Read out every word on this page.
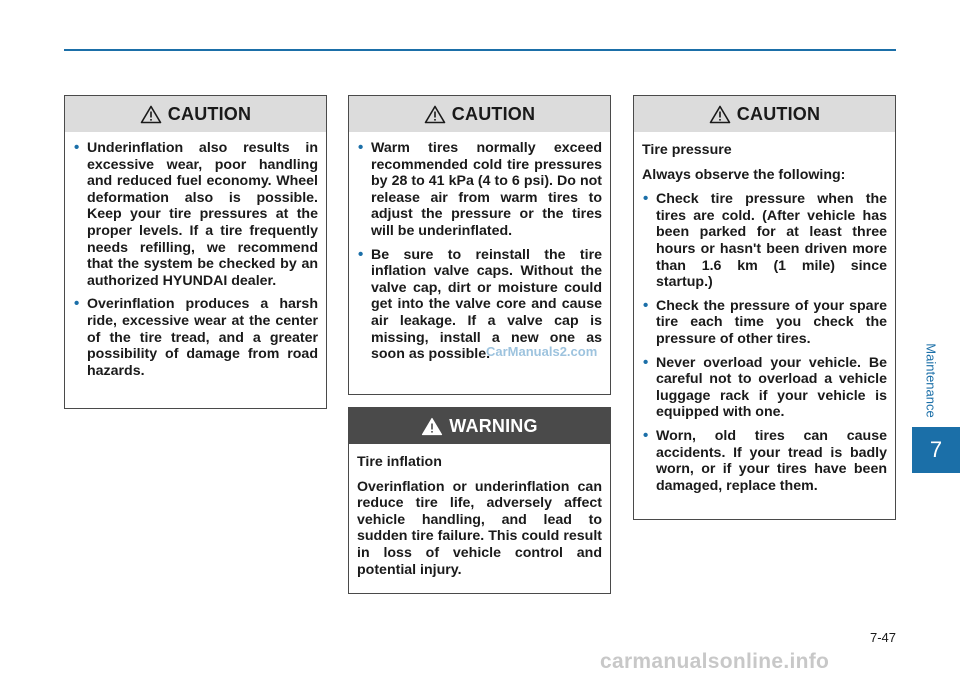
CAUTION
• Underinflation also results in excessive wear, poor handling and reduced fuel economy. Wheel deformation also is possible. Keep your tire pressures at the proper levels. If a tire frequently needs refilling, we recommend that the system be checked by an authorized HYUNDAI dealer.
• Overinflation produces a harsh ride, excessive wear at the center of the tire tread, and a greater possibility of damage from road hazards.
CAUTION
• Warm tires normally exceed recommended cold tire pressures by 28 to 41 kPa (4 to 6 psi). Do not release air from warm tires to adjust the pressure or the tires will be underinflated.
• Be sure to reinstall the tire inflation valve caps. Without the valve cap, dirt or moisture could get into the valve core and cause air leakage. If a valve cap is missing, install a new one as soon as possible.
WARNING

Tire inflation

Overinflation or underinflation can reduce tire life, adversely affect vehicle handling, and lead to sudden tire failure. This could result in loss of vehicle control and potential injury.

CAUTION

Tire pressure

Always observe the following:

• Check tire pressure when the tires are cold. (After vehicle has been parked for at least three hours or hasn't been driven more than 1.6 km (1 mile) since startup.)
• Check the pressure of your spare tire each time you check the pressure of other tires.
• Never overload your vehicle. Be careful not to overload a vehicle luggage rack if your vehicle is equipped with one.
• Worn, old tires can cause accidents. If your tread is badly worn, or if your tires have been damaged, replace them.
Maintenance
7
7-47
CarManuals2.com
carmanualsonline.info
